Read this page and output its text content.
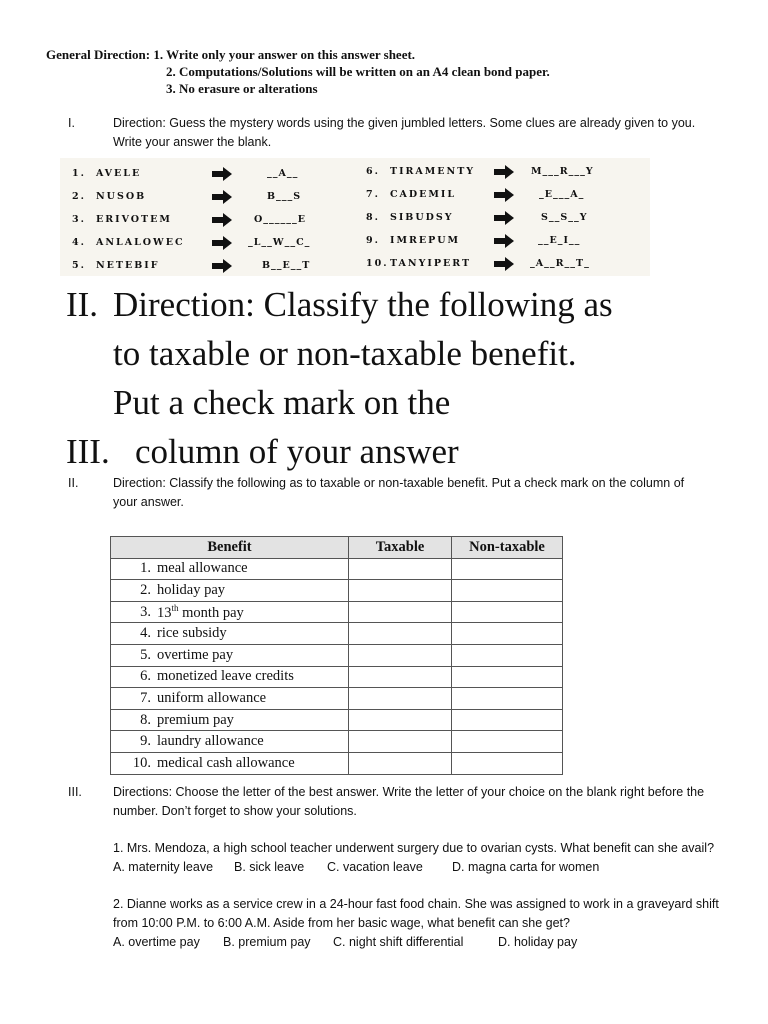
General Direction: 1. Write only your answer on this answer sheet.
2. Computations/Solutions will be written on an A4 clean bond paper.
3. No erasure or alterations
I.	Direction: Guess the mystery words using the given jumbled letters. Some clues are already given to you.
Write your answer the blank.
1. AVELE	__A__
2. NUSOB	B___S
3. ERIVOTEM	O______E
4. ANLALOWEC	_L__W__C_
5. NETEBIF	B__E__T
6. TIRAMENTY	M___R___Y
7. CADEMIL	_E___A_
8. SIBUDSY	S__S__Y
9. IMREPUM	__E_I__
10. TANYIPERT	_A__R__T_
II. Direction: Classify the following as
to taxable or non-taxable benefit.
Put a check mark on the
III. column of your answer
II.	Direction: Classify the following as to taxable or non-taxable benefit. Put a check mark on the column of
your answer.
Benefit	Taxable	Non-taxable
1. meal allowance		
2. holiday pay		
3. 13th month pay		
4. rice subsidy		
5. overtime pay		
6. monetized leave credits		
7. uniform allowance		
8. premium pay		
9. laundry allowance		
10. medical cash allowance		
III. Directions: Choose the letter of the best answer. Write the letter of your choice on the blank right before the
number. Don’t forget to show your solutions.
1. Mrs. Mendoza, a high school teacher underwent surgery due to ovarian cysts. What benefit can she avail?
A. maternity leave B. sick leave C. vacation leave D. magna carta for women
2. Dianne works as a service crew in a 24-hour fast food chain. She was assigned to work in a graveyard shift
from 10:00 P.M. to 6:00 A.M. Aside from her basic wage, what benefit can she get?
A. overtime pay B. premium pay C. night shift differential	D. holiday pay
